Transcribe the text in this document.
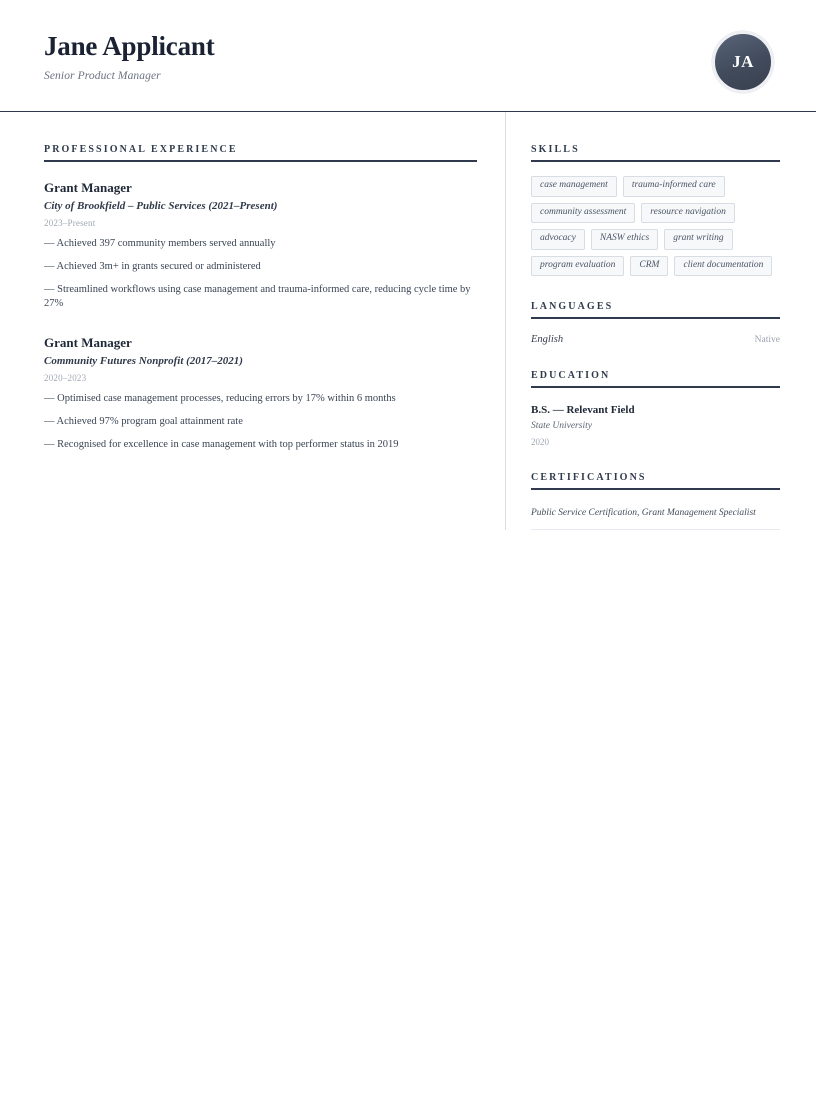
Jane Applicant
Senior Product Manager
JA
PROFESSIONAL EXPERIENCE
Grant Manager
City of Brookfield – Public Services (2021–Present)
2023–Present
— Achieved 397 community members served annually
— Achieved 3m+ in grants secured or administered
— Streamlined workflows using case management and trauma-informed care, reducing cycle time by 27%
Grant Manager
Community Futures Nonprofit (2017–2021)
2020–2023
— Optimised case management processes, reducing errors by 17% within 6 months
— Achieved 97% program goal attainment rate
— Recognised for excellence in case management with top performer status in 2019
SKILLS
case management	trauma-informed care
community assessment	resource navigation
advocacy	NASW ethics	grant writing
program evaluation	CRM	client documentation
LANGUAGES
English	Native
EDUCATION
B.S. — Relevant Field
State University
2020
CERTIFICATIONS
Public Service Certification, Grant Management Specialist
